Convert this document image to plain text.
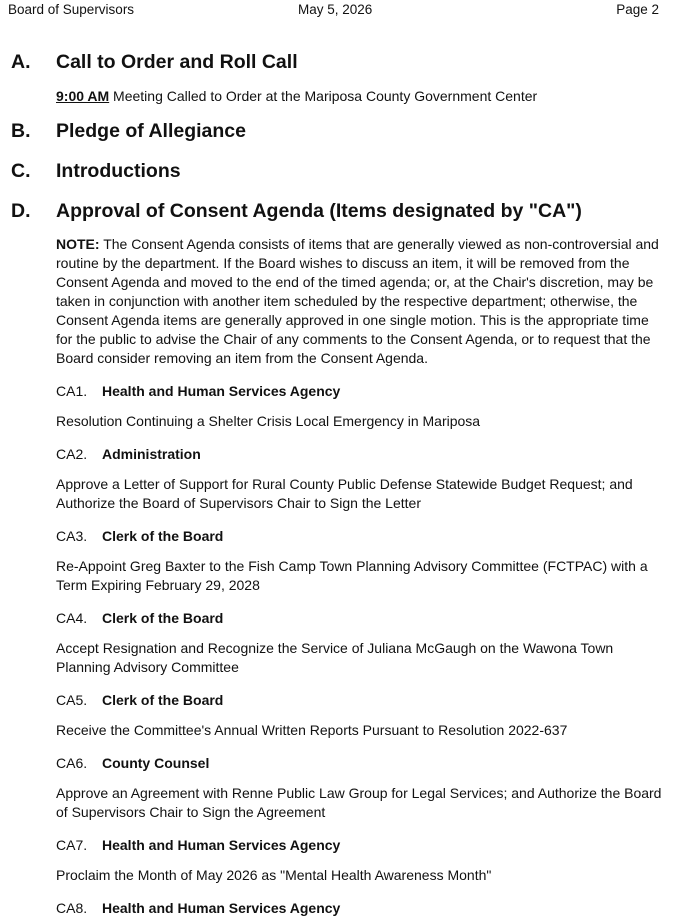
Board of Supervisors	May 5, 2026	Page 2
A. Call to Order and Roll Call
9:00 AM Meeting Called to Order at the Mariposa County Government Center
B. Pledge of Allegiance
C. Introductions
D. Approval of Consent Agenda (Items designated by "CA")
NOTE: The Consent Agenda consists of items that are generally viewed as non-controversial and routine by the department. If the Board wishes to discuss an item, it will be removed from the Consent Agenda and moved to the end of the timed agenda; or, at the Chair's discretion, may be taken in conjunction with another item scheduled by the respective department; otherwise, the Consent Agenda items are generally approved in one single motion. This is the appropriate time for the public to advise the Chair of any comments to the Consent Agenda, or to request that the Board consider removing an item from the Consent Agenda.
CA1. Health and Human Services Agency
Resolution Continuing a Shelter Crisis Local Emergency in Mariposa
CA2. Administration
Approve a Letter of Support for Rural County Public Defense Statewide Budget Request; and Authorize the Board of Supervisors Chair to Sign the Letter
CA3. Clerk of the Board
Re-Appoint Greg Baxter to the Fish Camp Town Planning Advisory Committee (FCTPAC) with a Term Expiring February 29, 2028
CA4. Clerk of the Board
Accept Resignation and Recognize the Service of Juliana McGaugh on the Wawona Town Planning Advisory Committee
CA5. Clerk of the Board
Receive the Committee's Annual Written Reports Pursuant to Resolution 2022-637
CA6. County Counsel
Approve an Agreement with Renne Public Law Group for Legal Services; and Authorize the Board of Supervisors Chair to Sign the Agreement
CA7. Health and Human Services Agency
Proclaim the Month of May 2026 as "Mental Health Awareness Month"
CA8. Health and Human Services Agency
